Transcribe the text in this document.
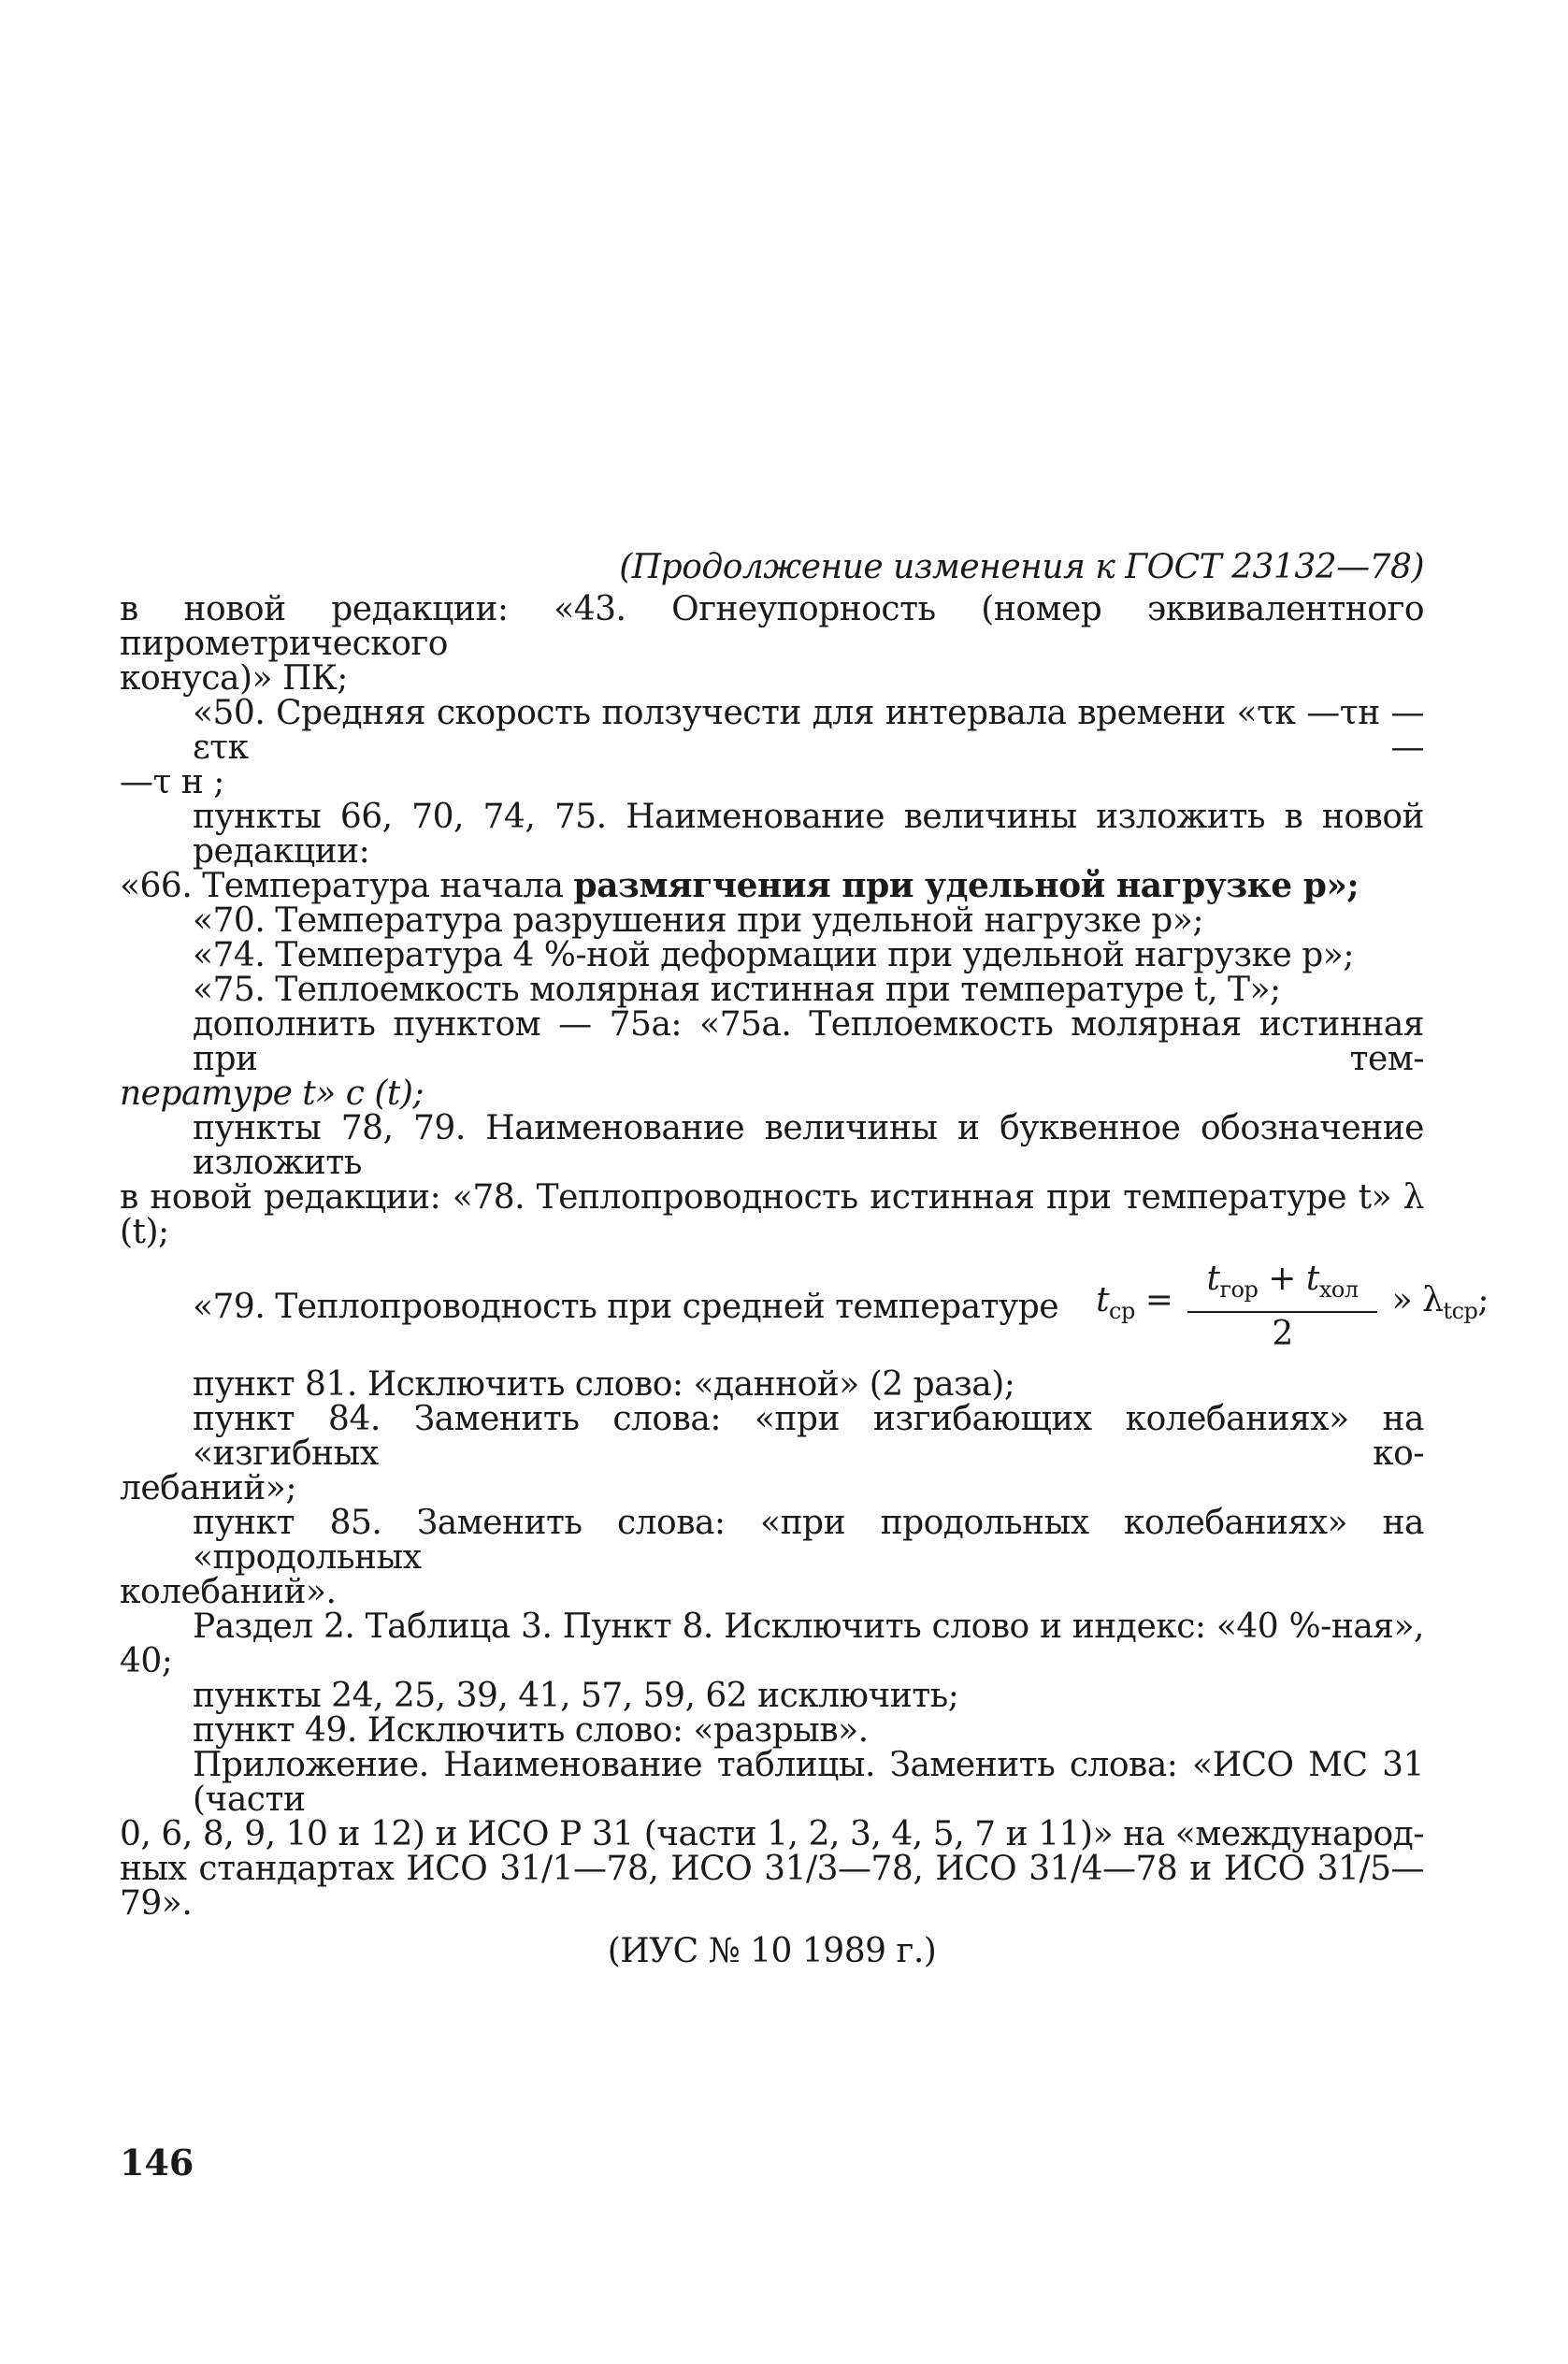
(Продолжение изменения к ГОСТ 23132—78)

в новой редакции: «43. Огнеупорность (номер эквивалентного пирометрического
конуса)» ПК;

«50. Средняя скорость ползучести для интервала времени «τк —τн —ετк —
—τ н ;

пункты 66, 70, 74, 75. Наименование величины изложить в новой редакции:
«66. Температура начала размягчения при удельной нагрузке р»;

«70. Температура разрушения при удельной нагрузке р»;

«74. Температура 4 %-ной деформации при удельной нагрузке р»;

«75. Теплоемкость молярная истинная при температуре t, Т»;

дополнить пунктом — 75а: «75а. Теплоемкость молярная истинная при тем-
пературе t» c (t);

пункты 78, 79. Наименование величины и буквенное обозначение изложить
в новой редакции: «78. Теплопроводность истинная при температуре t» λ (t);

«79. Теплопроводность при средней температуре $t_{ср} = \frac{t_{гор} + t_{хол}}{2}$ » $\lambda_{tср}$;

пункт 81. Исключить слово: «данной» (2 раза);

пункт 84. Заменить слова: «при изгибающих колебаниях» на «изгибных ко-
лебаний»;

пункт 85. Заменить слова: «при продольных колебаниях» на «продольных
колебаний».

Раздел 2. Таблица 3. Пункт 8. Исключить слово и индекс: «40 %-ная», 40;

пункты 24, 25, 39, 41, 57, 59, 62 исключить;

пункт 49. Исключить слово: «разрыв».

Приложение. Наименование таблицы. Заменить слова: «ИСО МС 31 (части
0, 6, 8, 9, 10 и 12) и ИСО Р 31 (части 1, 2, 3, 4, 5, 7 и 11)» на «международ-
ных стандартах ИСО 31/1—78, ИСО 31/3—78, ИСО 31/4—78 и ИСО 31/5—79».

(ИУС № 10 1989 г.)
146
